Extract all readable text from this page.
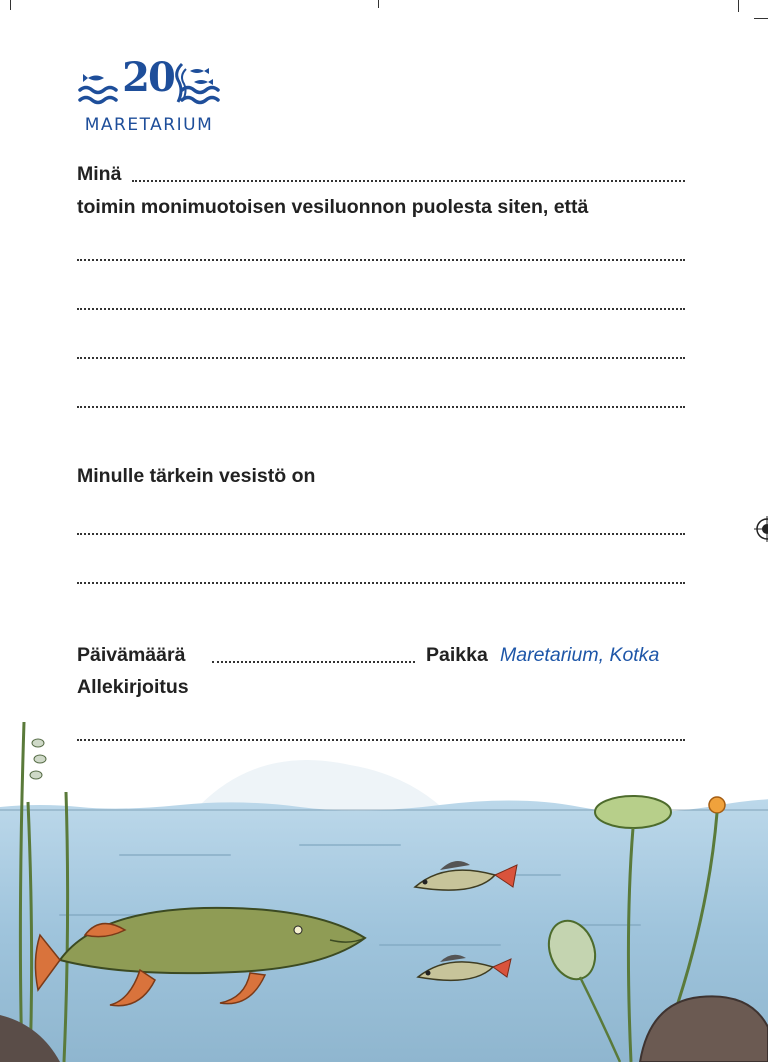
20
MARETARIUM
Minä
toimin monimuotoisen vesiluonnon puolesta siten, että
Minulle tärkein vesistö on
Päivämäärä	Paikka Maretarium, Kotka
Allekirjoitus
